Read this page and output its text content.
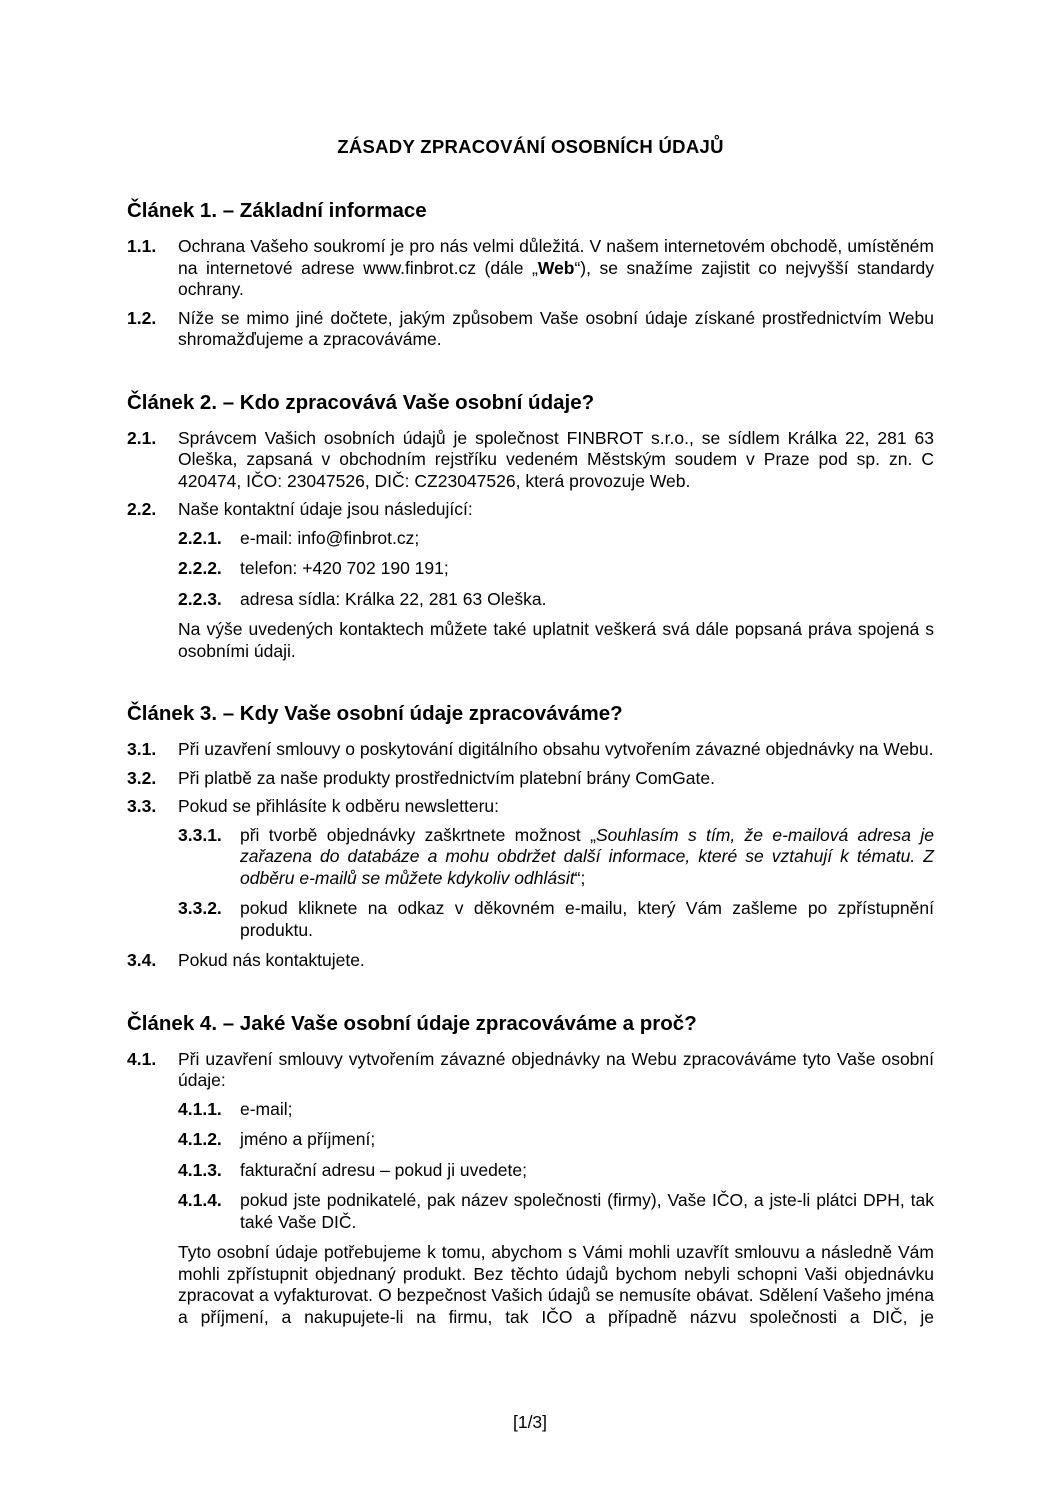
ZÁSADY ZPRACOVÁNÍ OSOBNÍCH ÚDAJŮ
Článek 1. – Základní informace
1.1.	Ochrana Vašeho soukromí je pro nás velmi důležitá. V našem internetovém obchodě, umístěném na internetové adrese www.finbrot.cz (dále „Web“), se snažíme zajistit co nejvyšší standardy ochrany.

1.2.	Níže se mimo jiné dočtete, jakým způsobem Vaše osobní údaje získané prostřednictvím Webu shromažďujeme a zpracováváme.

Článek 2. – Kdo zpracovává Vaše osobní údaje?
2.1.	Správcem Vašich osobních údajů je společnost FINBROT s.r.o., se sídlem Králka 22, 281 63 Oleška, zapsaná v obchodním rejstříku vedeném Městským soudem v Praze pod sp. zn. C 420474, IČO: 23047526, DIČ: CZ23047526, která provozuje Web.

2.2.	Naše kontaktní údaje jsou následující:

2.2.1.	e-mail: info@finbrot.cz;

2.2.2.	telefon: +420 702 190 191;

2.2.3.	adresa sídla: Králka 22, 281 63 Oleška.

Na výše uvedených kontaktech můžete také uplatnit veškerá svá dále popsaná práva spojená s osobními údaji.

Článek 3. – Kdy Vaše osobní údaje zpracováváme?
3.1.	Při uzavření smlouvy o poskytování digitálního obsahu vytvořením závazné objednávky na Webu.

3.2.	Při platbě za naše produkty prostřednictvím platební brány ComGate.

3.3.	Pokud se přihlásíte k odběru newsletteru:

3.3.1.	při tvorbě objednávky zaškrtnete možnost „Souhlasím s tím, že e-mailová adresa je zařazena do databáze a mohu obdržet další informace, které se vztahují k tématu. Z odběru e-mailů se můžete kdykoliv odhlásit“;

3.3.2.	pokud kliknete na odkaz v děkovném e-mailu, který Vám zašleme po zpřístupnění produktu.

3.4.	Pokud nás kontaktujete.

Článek 4. – Jaké Vaše osobní údaje zpracováváme a proč?
4.1.	Při uzavření smlouvy vytvořením závazné objednávky na Webu zpracováváme tyto Vaše osobní údaje:

4.1.1.	e-mail;

4.1.2.	jméno a příjmení;

4.1.3.	fakturační adresu – pokud ji uvedete;

4.1.4.	pokud jste podnikatelé, pak název společnosti (firmy), Vaše IČO, a jste-li plátci DPH, tak také Vaše DIČ.

Tyto osobní údaje potřebujeme k tomu, abychom s Vámi mohli uzavřít smlouvu a následně Vám mohli zpřístupnit objednaný produkt. Bez těchto údajů bychom nebyli schopni Vaši objednávku zpracovat a vyfakturovat. O bezpečnost Vašich údajů se nemusíte obávat. Sdělení Vašeho jména a příjmení, a nakupujete-li na firmu, tak IČO a případně názvu společnosti a DIČ, je

[1/3]
